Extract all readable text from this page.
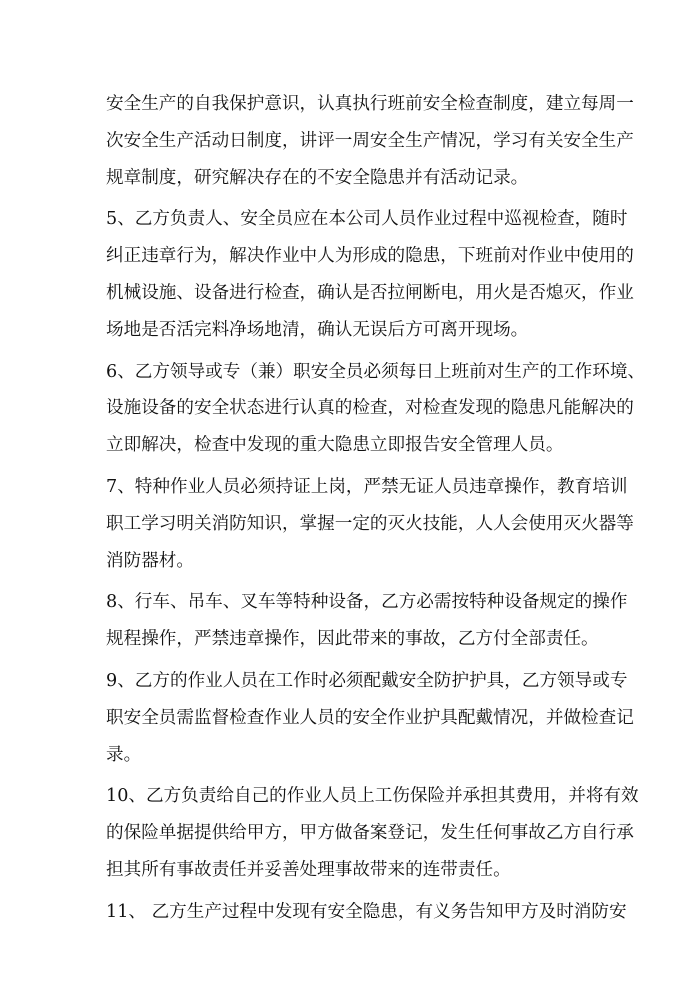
安全生产的自我保护意识，认真执行班前安全检查制度，建立每周一
次安全生产活动日制度，讲评一周安全生产情况，学习有关安全生产
规章制度，研究解决存在的不安全隐患并有活动记录。
5、乙方负责人、安全员应在本公司人员作业过程中巡视检查，随时
纠正违章行为，解决作业中人为形成的隐患，下班前对作业中使用的
机械设施、设备进行检查，确认是否拉闸断电，用火是否熄灭，作业
场地是否活完料净场地清，确认无误后方可离开现场。
6、乙方领导或专（兼）职安全员必须每日上班前对生产的工作环境、
设施设备的安全状态进行认真的检查，对检查发现的隐患凡能解决的
立即解决，检查中发现的重大隐患立即报告安全管理人员。
7、特种作业人员必须持证上岗，严禁无证人员违章操作，教育培训
职工学习明关消防知识，掌握一定的灭火技能，人人会使用灭火器等
消防器材。
8、行车、吊车、叉车等特种设备，乙方必需按特种设备规定的操作
规程操作，严禁违章操作，因此带来的事故，乙方付全部责任。
9、乙方的作业人员在工作时必须配戴安全防护护具，乙方领导或专
职安全员需监督检查作业人员的安全作业护具配戴情况，并做检查记
录。
10、乙方负责给自己的作业人员上工伤保险并承担其费用，并将有效
的保险单据提供给甲方，甲方做备案登记，发生任何事故乙方自行承
担其所有事故责任并妥善处理事故带来的连带责任。
11、 乙方生产过程中发现有安全隐患，有义务告知甲方及时消防安
